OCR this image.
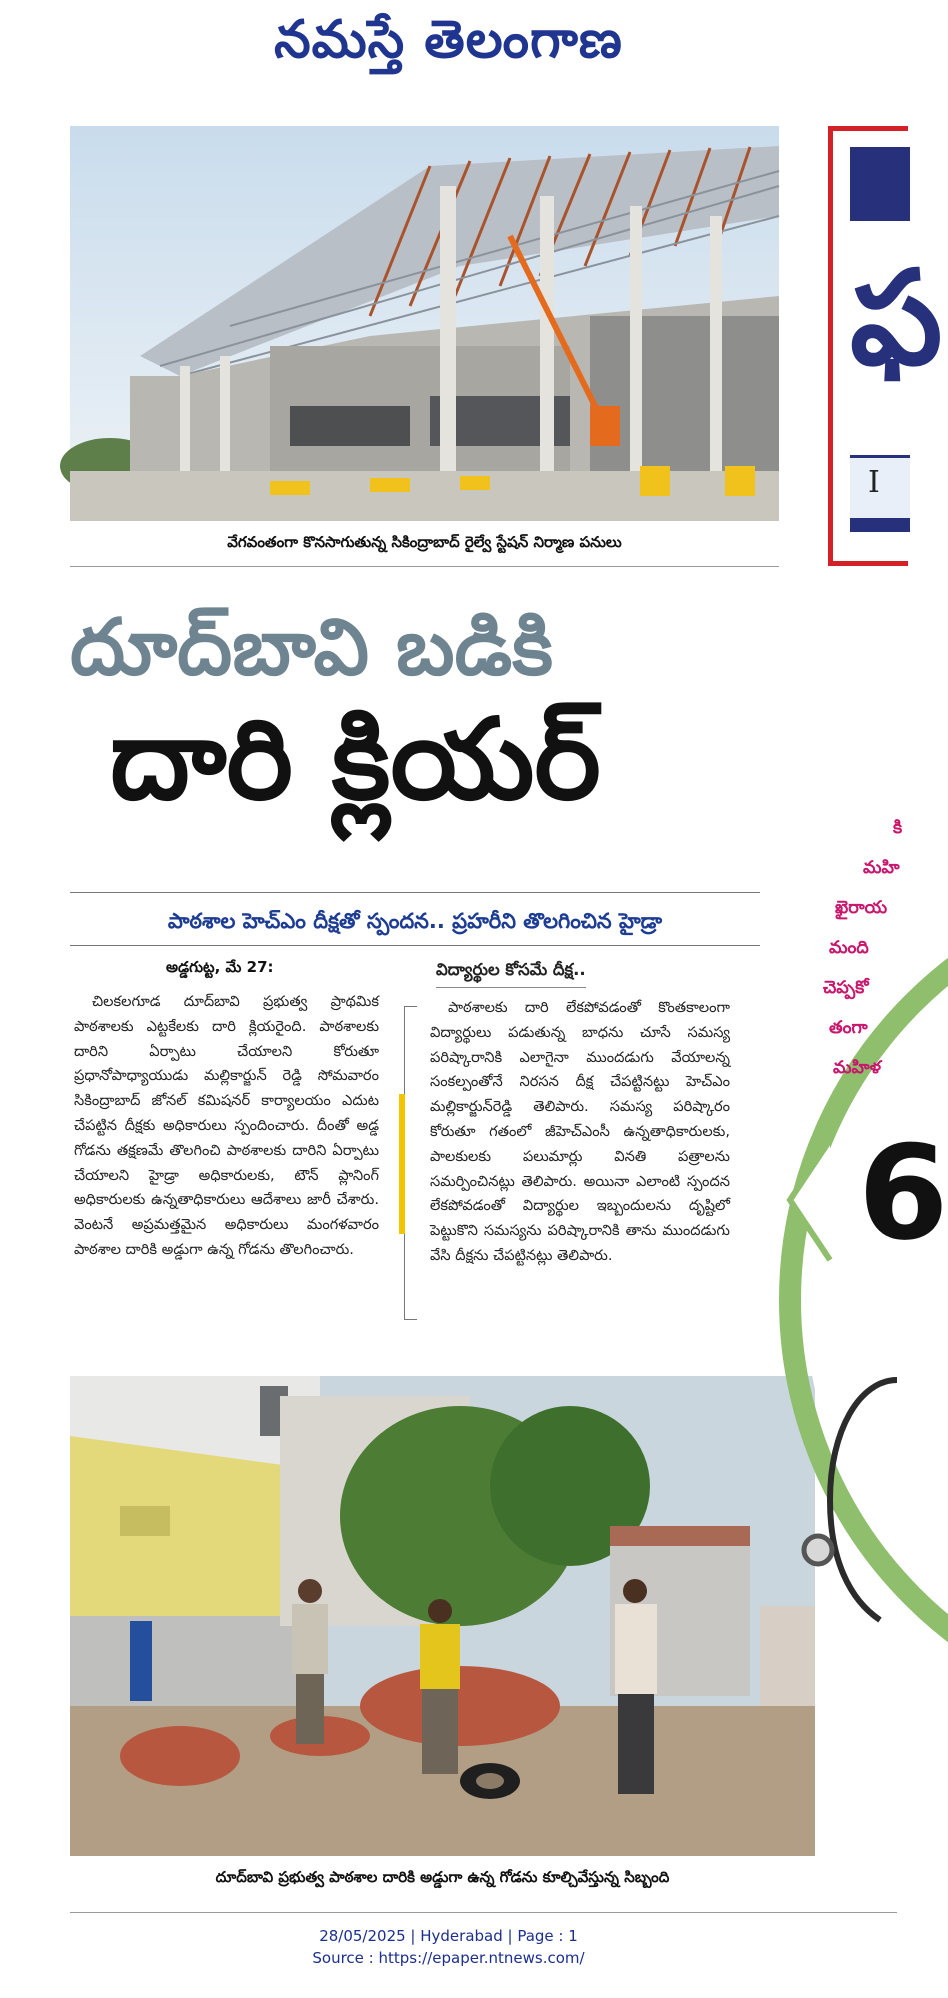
నమస్తే తెలంగాణ
వేగవంతంగా కొనసాగుతున్న సికింద్రాబాద్ రైల్వే స్టేషన్ నిర్మాణ పనులు
దూద్‌బావి బడికి
దారి క్లియర్
పాఠశాల హెచ్‌ఎం దీక్షతో స్పందన.. ప్రహరీని తొలగించిన హైడ్రా
అడ్డగుట్ట, మే 27:

చిలకలగూడ దూద్‌బావి ప్రభుత్వ ప్రాథమిక పాఠశాలకు ఎట్టకేలకు దారి క్లియరైంది. పాఠశాలకు దారిని ఏర్పాటు చేయాలని కోరుతూ ప్రధానోపాధ్యాయుడు మల్లికార్జున్ రెడ్డి సోమవారం సికింద్రాబాద్ జోనల్ కమిషనర్ కార్యాలయం ఎదుట చేపట్టిన దీక్షకు అధికారులు స్పందించారు. దీంతో అడ్డ గోడను తక్షణమే తొలగించి పాఠశాలకు దారిని ఏర్పాటు చేయాలని హైడ్రా అధికారులకు, టౌన్ ప్లానింగ్ అధికారులకు ఉన్నతాధికారులు ఆదేశాలు జారీ చేశారు. వెంటనే అప్రమత్తమైన అధికారులు మంగళవారం పాఠశాల దారికి అడ్డుగా ఉన్న గోడను తొలగించారు.

విద్యార్థుల కోసమే దీక్ష..

పాఠశాలకు దారి లేకపోవడంతో కొంతకాలంగా విద్యార్థులు పడుతున్న బాధను చూసే సమస్య పరిష్కారానికి ఎలాగైనా ముందడుగు వేయాలన్న సంకల్పంతోనే నిరసన దీక్ష చేపట్టినట్టు హెచ్‌ఎం మల్లికార్జున్‌రెడ్డి తెలిపారు. సమస్య పరిష్కారం కోరుతూ గతంలో జీహెచ్‌ఎంసీ ఉన్నతాధికారులకు, పాలకులకు పలుమార్లు వినతి పత్రాలను సమర్పించినట్లు తెలిపారు. అయినా ఎలాంటి స్పందన లేకపోవడంతో విద్యార్థుల ఇబ్బందులను దృష్టిలో పెట్టుకొని సమస్యను పరిష్కారానికి తాను ముందడుగు వేసి దీక్షను చేపట్టినట్లు తెలిపారు.

దూద్‌బావి ప్రభుత్వ పాఠశాల దారికి అడ్డుగా ఉన్న గోడను కూల్చివేస్తున్న సిబ్బంది
ఫ
I
కి
మహి
ఖైరాయ
మంది
చెప్పకో
తంగా
మహిళ
6
28/05/2025 | Hyderabad | Page : 1
Source : https://epaper.ntnews.com/
